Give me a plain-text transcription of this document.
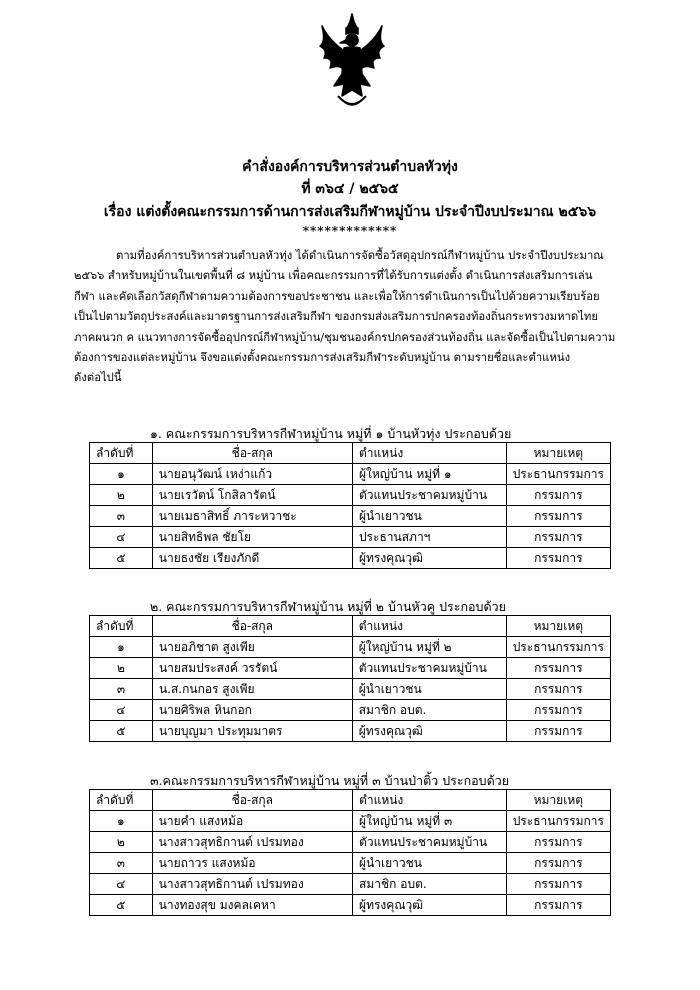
คำสั่งองค์การบริหารส่วนตำบลหัวทุ่ง
ที่ ๓๖๔ / ๒๕๖๕
เรื่อง แต่งตั้งคณะกรรมการด้านการส่งเสริมกีฬาหมู่บ้าน ประจำปีงบประมาณ ๒๕๖๖
*************
ตามที่องค์การบริหารส่วนตำบลหัวทุ่ง ได้ดำเนินการจัดซื้อวัสดุอุปกรณ์กีฬาหมู่บ้าน ประจำปีงบประมาณ
๒๕๖๖ สำหรับหมู่บ้านในเขตพื้นที่ ๘ หมู่บ้าน เพื่อคณะกรรมการที่ได้รับการแต่งตั้ง ดำเนินการส่งเสริมการเล่น
กีฬา และคัดเลือกวัสดุกีฬาตามความต้องการขอประชาชน และเพื่อให้การดำเนินการเป็นไปด้วยความเรียบร้อย
เป็นไปตามวัตถุประสงค์และมาตรฐานการส่งเสริมกีฬา ของกรมส่งเสริมการปกครองท้องถิ่นกระทรวงมหาดไทย
ภาคผนวก ค แนวทางการจัดซื้ออุปกรณ์กีฬาหมู่บ้าน/ชุมชนองค์กรปกครองส่วนท้องถิ่น และจัดซื้อเป็นไปตามความ
ต้องการของแต่ละหมู่บ้าน จึงขอแต่งตั้งคณะกรรมการส่งเสริมกีฬาระดับหมู่บ้าน ตามรายชื่อและตำแหน่ง
ดังต่อไปนี้
๑. คณะกรรมการบริหารกีฬาหมู่บ้าน หมู่ที่ ๑ บ้านหัวทุ่ง ประกอบด้วย
ลำดับที่	ชื่อ-สกุล	ตำแหน่ง	หมายเหตุ
๑	นายอนุวัฒน์ เหง่าแก้ว	ผู้ใหญ่บ้าน หมู่ที่ ๑	ประธานกรรมการ
๒	นายเรวัตน์ โกสิลารัตน์	ตัวแทนประชาคมหมู่บ้าน	กรรมการ
๓	นายเมธาสิทธิ์ ภาระหวาชะ	ผู้นำเยาวชน	กรรมการ
๔	นายสิทธิพล ชัยโย	ประธานสภาฯ	กรรมการ
๕	นายธงชัย เรียงภักดี	ผู้ทรงคุณวุฒิ	กรรมการ
๒. คณะกรรมการบริหารกีฬาหมู่บ้าน หมู่ที่ ๒ บ้านหัวคู ประกอบด้วย
ลำดับที่	ชื่อ-สกุล	ตำแหน่ง	หมายเหตุ
๑	นายอภิชาต สูงเพีย	ผู้ใหญ่บ้าน หมู่ที่ ๒	ประธานกรรมการ
๒	นายสมประสงค์ วรรัตน์	ตัวแทนประชาคมหมู่บ้าน	กรรมการ
๓	น.ส.กนกอร สูงเพีย	ผู้นำเยาวชน	กรรมการ
๔	นายศิริพล หินกอก	สมาชิก อบต.	กรรมการ
๕	นายบุญมา ประทุมมาตร	ผู้ทรงคุณวุฒิ	กรรมการ
๓.คณะกรรมการบริหารกีฬาหมู่บ้าน หมู่ที่ ๓ บ้านป่าติ้ว ประกอบด้วย
ลำดับที่	ชื่อ-สกุล	ตำแหน่ง	หมายเหตุ
๑	นายคำ แสงหม้อ	ผู้ใหญ่บ้าน หมู่ที่ ๓	ประธานกรรมการ
๒	นางสาวสุทธิกานต์ เปรมทอง	ตัวแทนประชาคมหมู่บ้าน	กรรมการ
๓	นายถาวร แสงหม้อ	ผู้นำเยาวชน	กรรมการ
๔	นางสาวสุทธิกานต์ เปรมทอง	สมาชิก อบต.	กรรมการ
๕	นางทองสุข มงคลเคหา	ผู้ทรงคุณวุฒิ	กรรมการ
